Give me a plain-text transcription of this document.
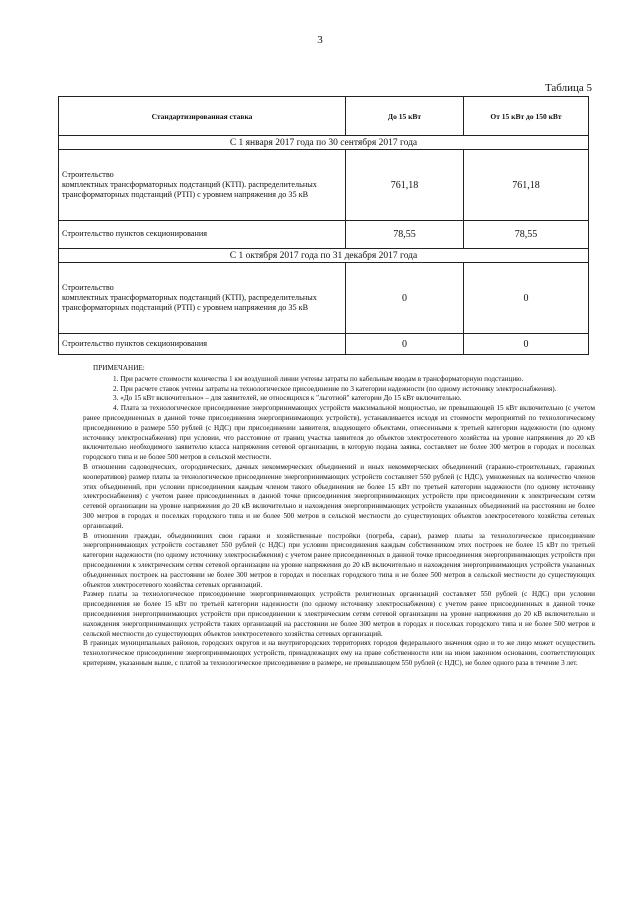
3
Таблица 5
Стандартизированная ставка	До 15 кВт	От 15 кВт до 150 кВт
С 1 января 2017 года по 30 сентября 2017 года		
Строительство
комплектных трансформаторных подстанций (КТП). распределительных трансформаторных подстанций (РТП) с уровнем напряжения до 35 кВ	761,18	761,18
Строительство пунктов секционирования	78,55	78,55
С 1 октября 2017 года по 31 декабря 2017 года		
Строительство
комплектных трансформаторных подстанций (КТП), распределительных трансформаторных подстанций (РТП) с уровнем напряжения до 35 кВ	0	0
Строительство пунктов секционирования	0	0

ПРИМЕЧАНИЕ:

1. При расчете стоимости количества 1 км воздушной линии учтены затраты по кабельным вводам в трансформаторную подстанцию.

2. При расчете ставок учтены затраты на технологическое присоединение по 3 категории надежности (по одному источнику электроснабжения).

3. «До 15 кВт включительно» – для заявителей, не относящихся к "льготной" категории До 15 кВт включительно.

4. Плата за технологическое присоединение энергопринимающих устройств максимальной мощностью, не превышающей 15 кВт включительно (с учетом ранее присоединенных в данной точке присоединения энергопринимающих устройств), устанавливается исходя из стоимости мероприятий по технологическому присоединению в размере 550 рублей (с НДС) при присоединении заявителя, владеющего объектами, отнесенными к третьей категории надежности (по одному источнику электроснабжения) при условии, что расстояние от границ участка заявителя до объектов электросетевого хозяйства на уровне напряжения до 20 кВ включительно необходимого заявителю класса напряжения сетевой организации, в которую подана заявка, составляет не более 300 метров в городах и поселках городского типа и не более 500 метров в сельской местности.

В отношении садоводческих, огороднических, дачных некоммерческих объединений и иных некоммерческих объединений (гаражно-строительных, гаражных кооперативов) размер платы за технологическое присоединение энергопринимающих устройств составляет 550 рублей (с НДС), умноженных на количество членов этих объединений, при условии присоединения каждым членом такого объединения не более 15 кВт по третьей категории надежности (по одному источнику электроснабжения) с учетом ранее присоединенных в данной точке присоединения энергопринимающих устройств при присоединении к электрическим сетям сетевой организации на уровне напряжения до 20 кВ включительно и нахождения энергопринимающих устройств указанных объединений на расстоянии не более 300 метров в городах и поселках городского типа и не более 500 метров в сельской местности до существующих объектов электросетевого хозяйства сетевых организаций.

В отношении граждан, объединивших свои гаражи и хозяйственные постройки (погреба, сараи), размер платы за технологическое присоединение энергопринимающих устройств составляет 550 рублей (с НДС) при условии присоединения каждым собственником этих построек не более 15 кВт по третьей категории надежности (по одному источнику электроснабжения) с учетом ранее присоединенных в данной точке присоединения энергопринимающих устройств при присоединении к электрическим сетям сетевой организации на уровне напряжения до 20 кВ включительно и нахождения энергопринимающих устройств указанных объединенных построек на расстоянии не более 300 метров в городах и поселках городского типа и не более 500 метров в сельской местности до существующих объектов электросетевого хозяйства сетевых организаций.

Размер платы за технологическое присоединение энергопринимающих устройств религиозных организаций составляет 550 рублей (с НДС) при условии присоединения не более 15 кВт по третьей категории надежности (по одному источнику электроснабжения) с учетом ранее присоединенных в данной точке присоединения энергопринимающих устройств при присоединении к электрическим сетям сетевой организации на уровне напряжения до 20 кВ включительно и нахождения энергопринимающих устройств таких организаций на расстоянии не более 300 метров в городах и поселках городского типа и не более 500 метров в сельской местности до существующих объектов электросетевого хозяйства сетевых организаций.

В границах муниципальных районов, городских округов и на внутригородских территориях городов федерального значения одно и то же лицо может осуществить технологическое присоединение энергопринимающих устройств, принадлежащих ему на праве собственности или на ином законном основании, соответствующих критериям, указанным выше, с платой за технологическое присоединение в размере, не превышающем 550 рублей (с НДС), не более одного раза в течение 3 лет.
